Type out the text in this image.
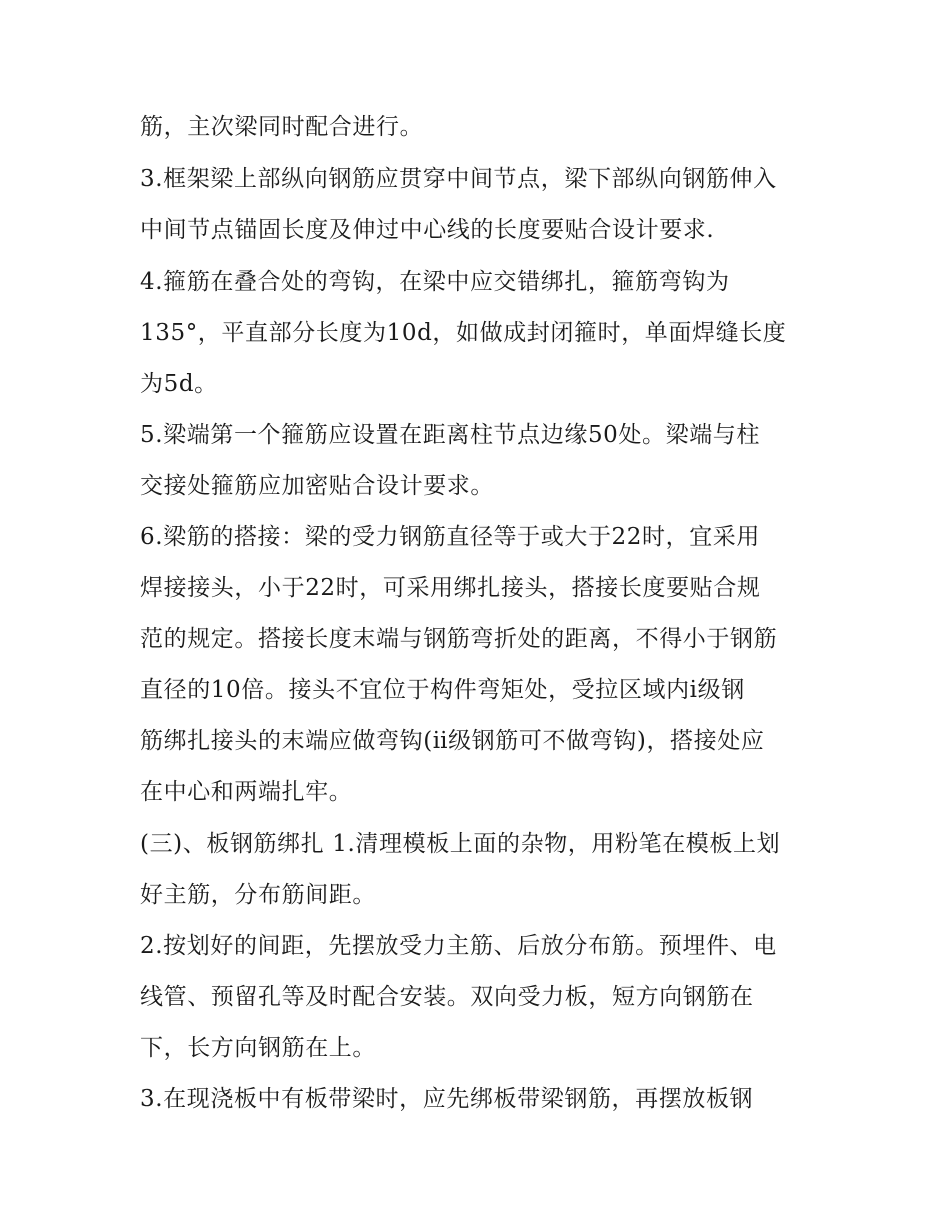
筋，主次梁同时配合进行。
3.框架梁上部纵向钢筋应贯穿中间节点，梁下部纵向钢筋伸入
中间节点锚固长度及伸过中心线的长度要贴合设计要求.
4.箍筋在叠合处的弯钩，在梁中应交错绑扎，箍筋弯钩为
135°，平直部分长度为10d，如做成封闭箍时，单面焊缝长度
为5d。
5.梁端第一个箍筋应设置在距离柱节点边缘50处。梁端与柱
交接处箍筋应加密贴合设计要求。
6.梁筋的搭接：梁的受力钢筋直径等于或大于22时，宜采用
焊接接头，小于22时，可采用绑扎接头，搭接长度要贴合规
范的规定。搭接长度末端与钢筋弯折处的距离，不得小于钢筋
直径的10倍。接头不宜位于构件弯矩处，受拉区域内ⅰ级钢
筋绑扎接头的末端应做弯钩(ⅱ级钢筋可不做弯钩)，搭接处应
在中心和两端扎牢。
(三)、板钢筋绑扎 1.清理模板上面的杂物，用粉笔在模板上划
好主筋，分布筋间距。
2.按划好的间距，先摆放受力主筋、后放分布筋。预埋件、电
线管、预留孔等及时配合安装。双向受力板，短方向钢筋在
下，长方向钢筋在上。
3.在现浇板中有板带梁时，应先绑板带梁钢筋，再摆放板钢
